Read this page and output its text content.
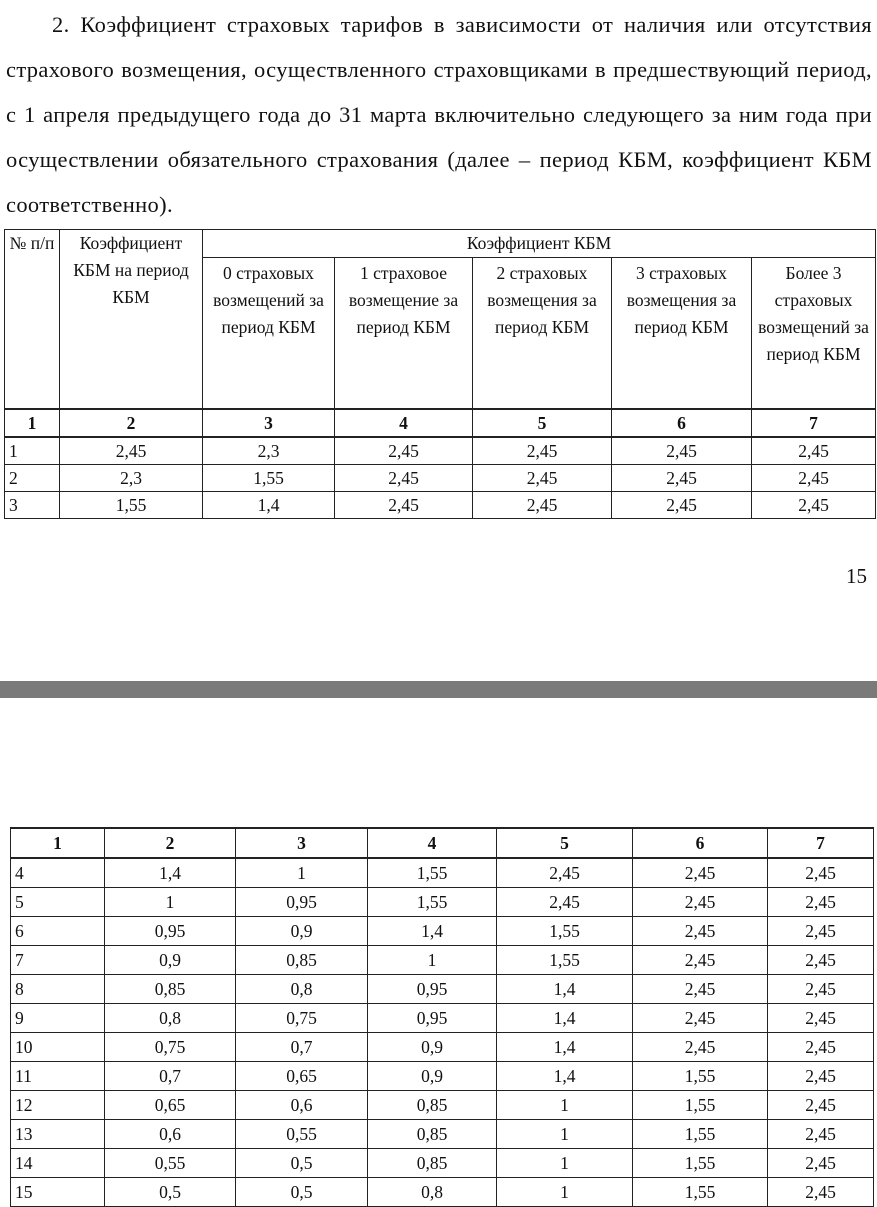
2. Коэффициент страховых тарифов в зависимости от наличия или отсутствия страхового возмещения, осуществленного страховщиками в предшествующий период, с 1 апреля предыдущего года до 31 марта включительно следующего за ним года при осуществлении обязательного страхования (далее – период КБМ, коэффициент КБМ соответственно).

№ п/п	Коэффициент КБМ на период КБМ	Коэффициент КБМ				
		0 страховых возмещений за период КБМ	1 страховое возмещение за период КБМ	2 страховых возмещения за период КБМ	3 страховых возмещения за период КБМ	Более 3 страховых возмещений за период КБМ
1	2	3	4	5	6	7
1	2,45	2,3	2,45	2,45	2,45	2,45
2	2,3	1,55	2,45	2,45	2,45	2,45
3	1,55	1,4	2,45	2,45	2,45	2,45
15
1	2	3	4	5	6	7
4	1,4	1	1,55	2,45	2,45	2,45
5	1	0,95	1,55	2,45	2,45	2,45
6	0,95	0,9	1,4	1,55	2,45	2,45
7	0,9	0,85	1	1,55	2,45	2,45
8	0,85	0,8	0,95	1,4	2,45	2,45
9	0,8	0,75	0,95	1,4	2,45	2,45
10	0,75	0,7	0,9	1,4	2,45	2,45
11	0,7	0,65	0,9	1,4	1,55	2,45
12	0,65	0,6	0,85	1	1,55	2,45
13	0,6	0,55	0,85	1	1,55	2,45
14	0,55	0,5	0,85	1	1,55	2,45
15	0,5	0,5	0,8	1	1,55	2,45
